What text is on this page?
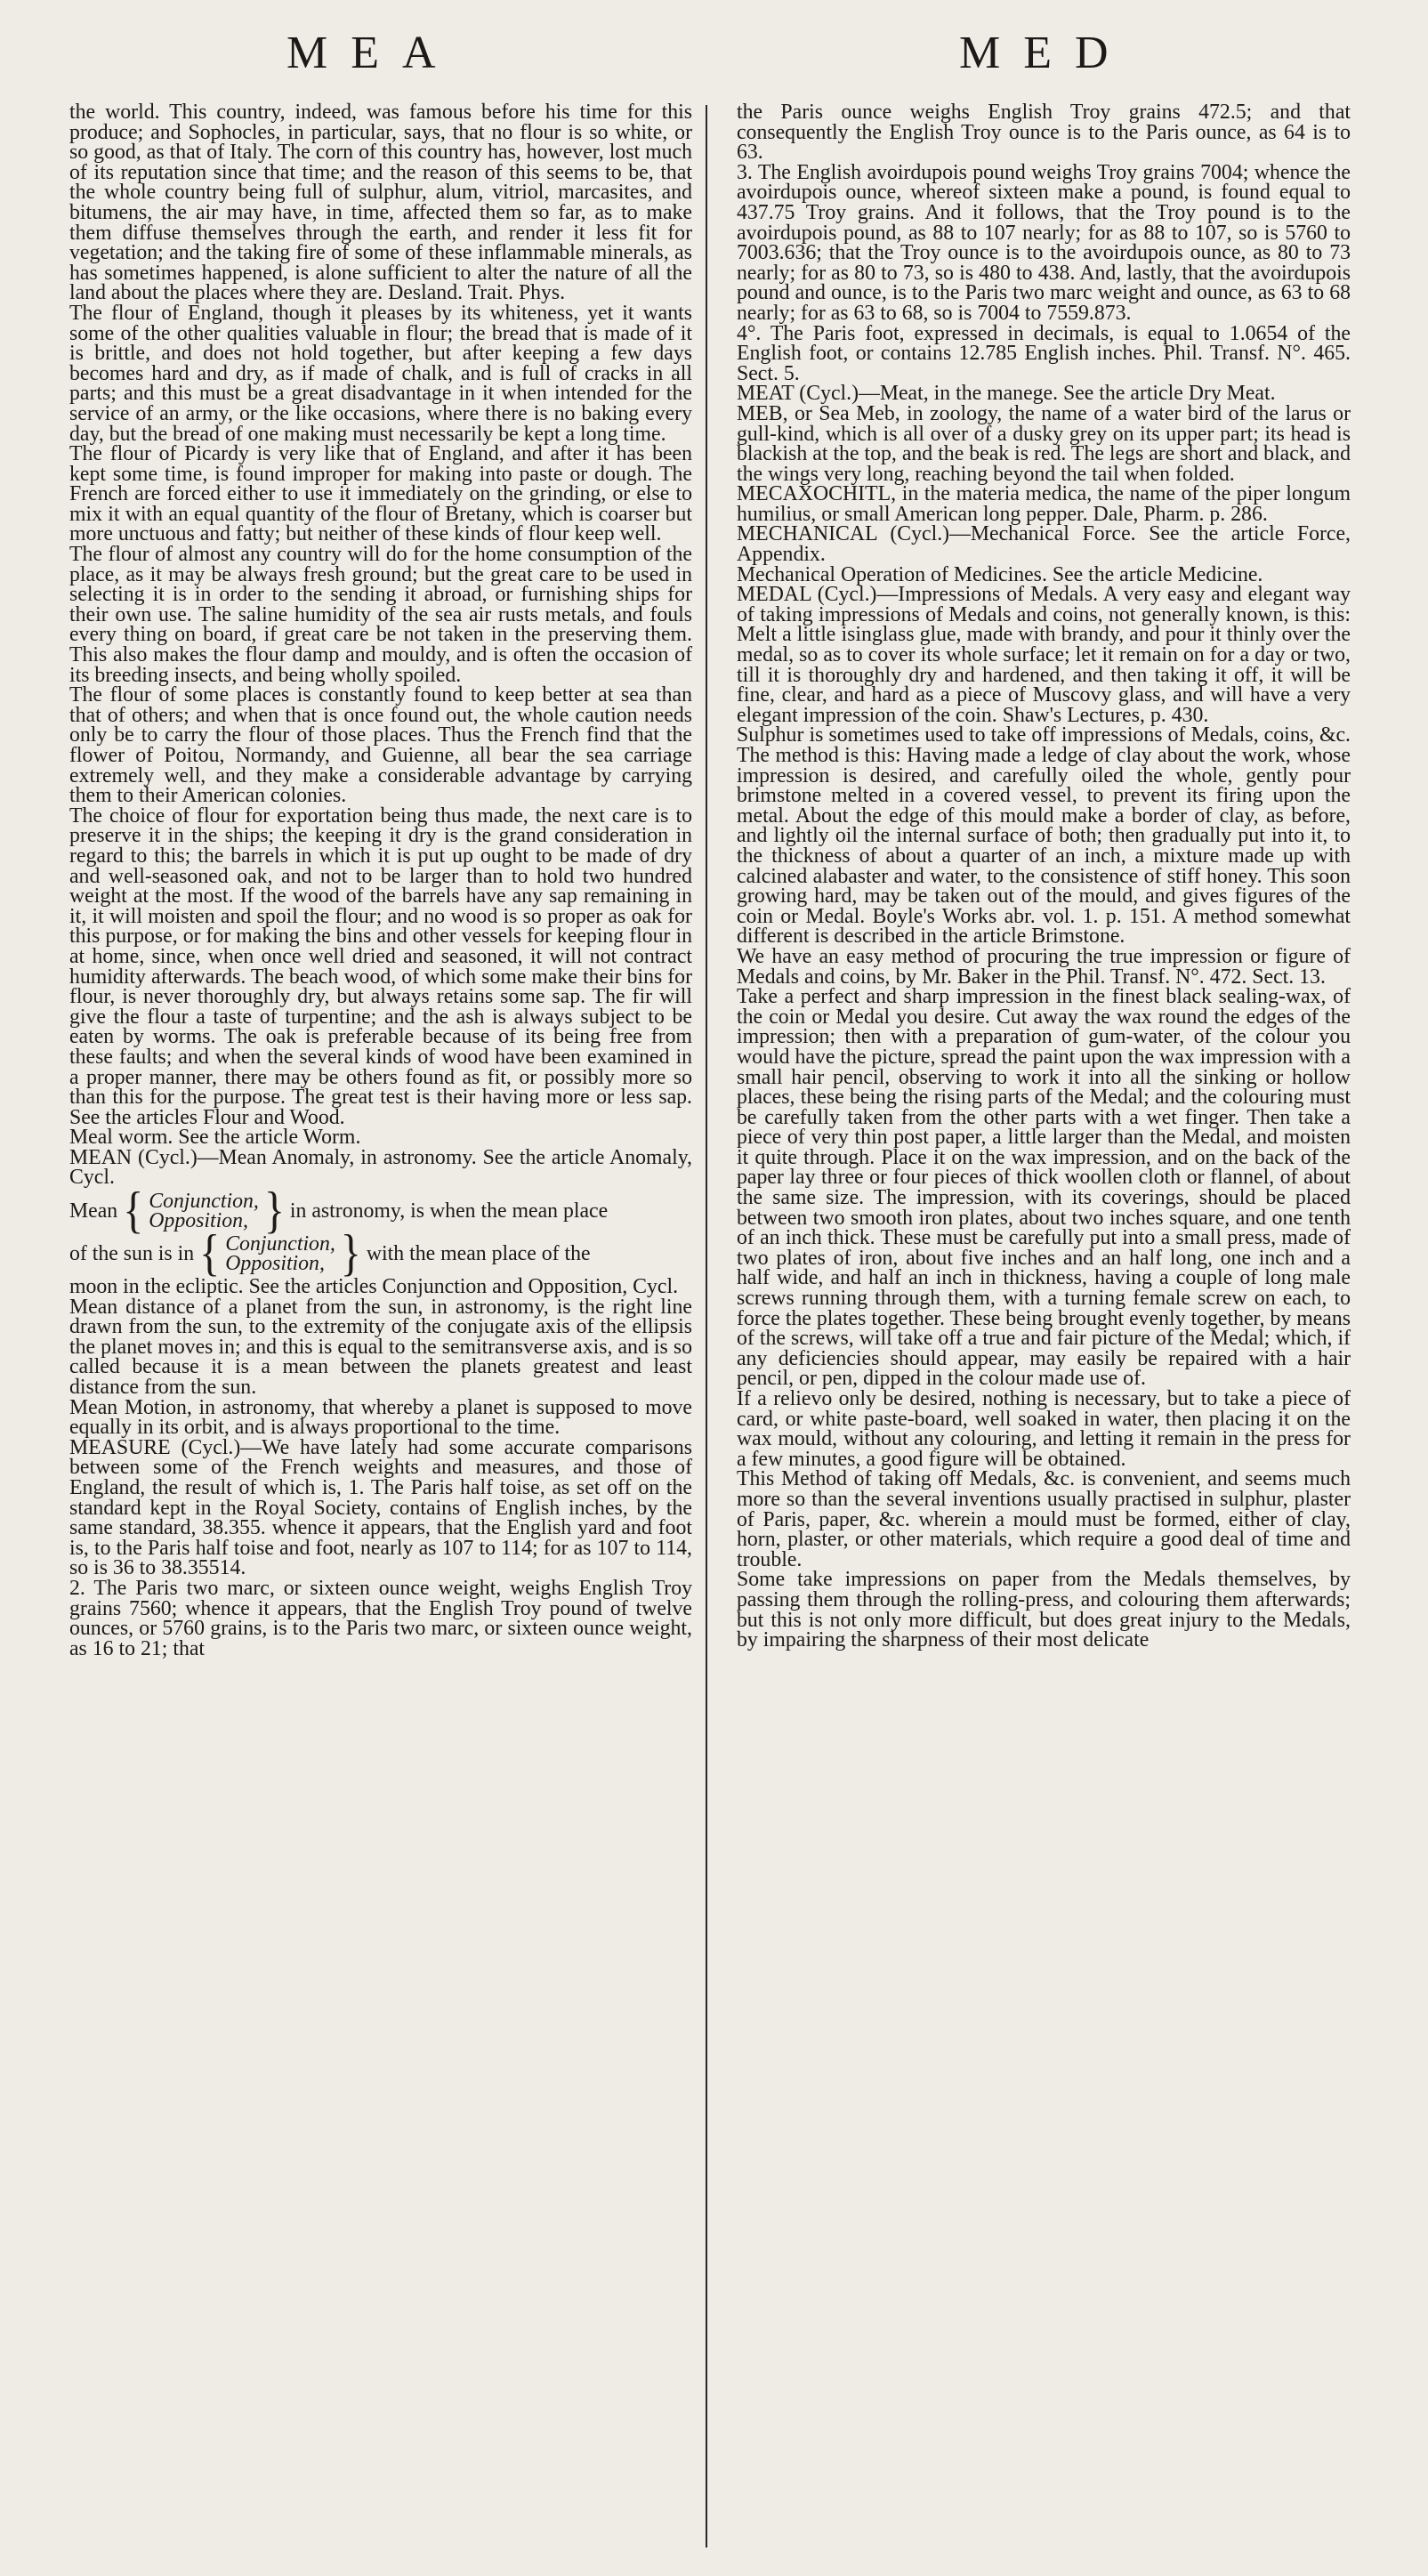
MEA	MED

the world. This country, indeed, was famous before his time for this produce; and Sophocles, in particular, says, that no flour is so white, or so good, as that of Italy. The corn of this country has, however, lost much of its reputation since that time; and the reason of this seems to be, that the whole country being full of sulphur, alum, vitriol, marcasites, and bitumens, the air may have, in time, affected them so far, as to make them diffuse themselves through the earth, and render it less fit for vegetation; and the taking fire of some of these inflammable minerals, as has sometimes happened, is alone sufficient to alter the nature of all the land about the places where they are. Desland. Trait. Phys.

The flour of England, though it pleases by its whiteness, yet it wants some of the other qualities valuable in flour; the bread that is made of it is brittle, and does not hold together, but after keeping a few days becomes hard and dry, as if made of chalk, and is full of cracks in all parts; and this must be a great disadvantage in it when intended for the service of an army, or the like occasions, where there is no baking every day, but the bread of one making must necessarily be kept a long time.

The flour of Picardy is very like that of England, and after it has been kept some time, is found improper for making into paste or dough. The French are forced either to use it immediately on the grinding, or else to mix it with an equal quantity of the flour of Bretany, which is coarser but more unctuous and fatty; but neither of these kinds of flour keep well.

The flour of almost any country will do for the home consumption of the place, as it may be always fresh ground; but the great care to be used in selecting it is in order to the sending it abroad, or furnishing ships for their own use. The saline humidity of the sea air rusts metals, and fouls every thing on board, if great care be not taken in the preserving them. This also makes the flour damp and mouldy, and is often the occasion of its breeding insects, and being wholly spoiled.

The flour of some places is constantly found to keep better at sea than that of others; and when that is once found out, the whole caution needs only be to carry the flour of those places. Thus the French find that the flower of Poitou, Normandy, and Guienne, all bear the sea carriage extremely well, and they make a considerable advantage by carrying them to their American colonies.

The choice of flour for exportation being thus made, the next care is to preserve it in the ships; the keeping it dry is the grand consideration in regard to this; the barrels in which it is put up ought to be made of dry and well-seasoned oak, and not to be larger than to hold two hundred weight at the most. If the wood of the barrels have any sap remaining in it, it will moisten and spoil the flour; and no wood is so proper as oak for this purpose, or for making the bins and other vessels for keeping flour in at home, since, when once well dried and seasoned, it will not contract humidity afterwards. The beach wood, of which some make their bins for flour, is never thoroughly dry, but always retains some sap. The fir will give the flour a taste of turpentine; and the ash is always subject to be eaten by worms. The oak is preferable because of its being free from these faults; and when the several kinds of wood have been examined in a proper manner, there may be others found as fit, or possibly more so than this for the purpose. The great test is their having more or less sap. See the articles Flour and Wood.

Meal worm. See the article Worm.

MEAN (Cycl.)—Mean Anomaly, in astronomy. See the article Anomaly, Cycl.

Mean { Conjunction,
Opposition, } in astronomy, is when the mean place
of the sun is in { Conjunction,
Opposition, } with the mean place of the

moon in the ecliptic. See the articles Conjunction and Opposition, Cycl.

Mean distance of a planet from the sun, in astronomy, is the right line drawn from the sun, to the extremity of the conjugate axis of the ellipsis the planet moves in; and this is equal to the semitransverse axis, and is so called because it is a mean between the planets greatest and least distance from the sun.

Mean Motion, in astronomy, that whereby a planet is supposed to move equally in its orbit, and is always proportional to the time.

MEASURE (Cycl.)—We have lately had some accurate comparisons between some of the French weights and measures, and those of England, the result of which is, 1. The Paris half toise, as set off on the standard kept in the Royal Society, contains of English inches, by the same standard, 38.355. whence it appears, that the English yard and foot is, to the Paris half toise and foot, nearly as 107 to 114; for as 107 to 114, so is 36 to 38.35514.

2. The Paris two marc, or sixteen ounce weight, weighs English Troy grains 7560; whence it appears, that the English Troy pound of twelve ounces, or 5760 grains, is to the Paris two marc, or sixteen ounce weight, as 16 to 21; that

the Paris ounce weighs English Troy grains 472.5; and that consequently the English Troy ounce is to the Paris ounce, as 64 is to 63.

3. The English avoirdupois pound weighs Troy grains 7004; whence the avoirdupois ounce, whereof sixteen make a pound, is found equal to 437.75 Troy grains. And it follows, that the Troy pound is to the avoirdupois pound, as 88 to 107 nearly; for as 88 to 107, so is 5760 to 7003.636; that the Troy ounce is to the avoirdupois ounce, as 80 to 73 nearly; for as 80 to 73, so is 480 to 438. And, lastly, that the avoirdupois pound and ounce, is to the Paris two marc weight and ounce, as 63 to 68 nearly; for as 63 to 68, so is 7004 to 7559.873.

4°. The Paris foot, expressed in decimals, is equal to 1.0654 of the English foot, or contains 12.785 English inches. Phil. Transf. N°. 465. Sect. 5.

MEAT (Cycl.)—Meat, in the manege. See the article Dry Meat.

MEB, or Sea Meb, in zoology, the name of a water bird of the larus or gull-kind, which is all over of a dusky grey on its upper part; its head is blackish at the top, and the beak is red. The legs are short and black, and the wings very long, reaching beyond the tail when folded.

MECAXOCHITL, in the materia medica, the name of the piper longum humilius, or small American long pepper. Dale, Pharm. p. 286.

MECHANICAL (Cycl.)—Mechanical Force. See the article Force, Appendix.

Mechanical Operation of Medicines. See the article Medicine.

MEDAL (Cycl.)—Impressions of Medals. A very easy and elegant way of taking impressions of Medals and coins, not generally known, is this: Melt a little isinglass glue, made with brandy, and pour it thinly over the medal, so as to cover its whole surface; let it remain on for a day or two, till it is thoroughly dry and hardened, and then taking it off, it will be fine, clear, and hard as a piece of Muscovy glass, and will have a very elegant impression of the coin. Shaw's Lectures, p. 430.

Sulphur is sometimes used to take off impressions of Medals, coins, &c. The method is this: Having made a ledge of clay about the work, whose impression is desired, and carefully oiled the whole, gently pour brimstone melted in a covered vessel, to prevent its firing upon the metal. About the edge of this mould make a border of clay, as before, and lightly oil the internal surface of both; then gradually put into it, to the thickness of about a quarter of an inch, a mixture made up with calcined alabaster and water, to the consistence of stiff honey. This soon growing hard, may be taken out of the mould, and gives figures of the coin or Medal. Boyle's Works abr. vol. 1. p. 151. A method somewhat different is described in the article Brimstone.

We have an easy method of procuring the true impression or figure of Medals and coins, by Mr. Baker in the Phil. Transf. N°. 472. Sect. 13.

Take a perfect and sharp impression in the finest black sealing-wax, of the coin or Medal you desire. Cut away the wax round the edges of the impression; then with a preparation of gum-water, of the colour you would have the picture, spread the paint upon the wax impression with a small hair pencil, observing to work it into all the sinking or hollow places, these being the rising parts of the Medal; and the colouring must be carefully taken from the other parts with a wet finger. Then take a piece of very thin post paper, a little larger than the Medal, and moisten it quite through. Place it on the wax impression, and on the back of the paper lay three or four pieces of thick woollen cloth or flannel, of about the same size. The impression, with its coverings, should be placed between two smooth iron plates, about two inches square, and one tenth of an inch thick. These must be carefully put into a small press, made of two plates of iron, about five inches and an half long, one inch and a half wide, and half an inch in thickness, having a couple of long male screws running through them, with a turning female screw on each, to force the plates together. These being brought evenly together, by means of the screws, will take off a true and fair picture of the Medal; which, if any deficiencies should appear, may easily be repaired with a hair pencil, or pen, dipped in the colour made use of.

If a relievo only be desired, nothing is necessary, but to take a piece of card, or white paste-board, well soaked in water, then placing it on the wax mould, without any colouring, and letting it remain in the press for a few minutes, a good figure will be obtained.

This Method of taking off Medals, &c. is convenient, and seems much more so than the several inventions usually practised in sulphur, plaster of Paris, paper, &c. wherein a mould must be formed, either of clay, horn, plaster, or other materials, which require a good deal of time and trouble.

Some take impressions on paper from the Medals themselves, by passing them through the rolling-press, and colouring them afterwards; but this is not only more difficult, but does great injury to the Medals, by impairing the sharpness of their most delicate
